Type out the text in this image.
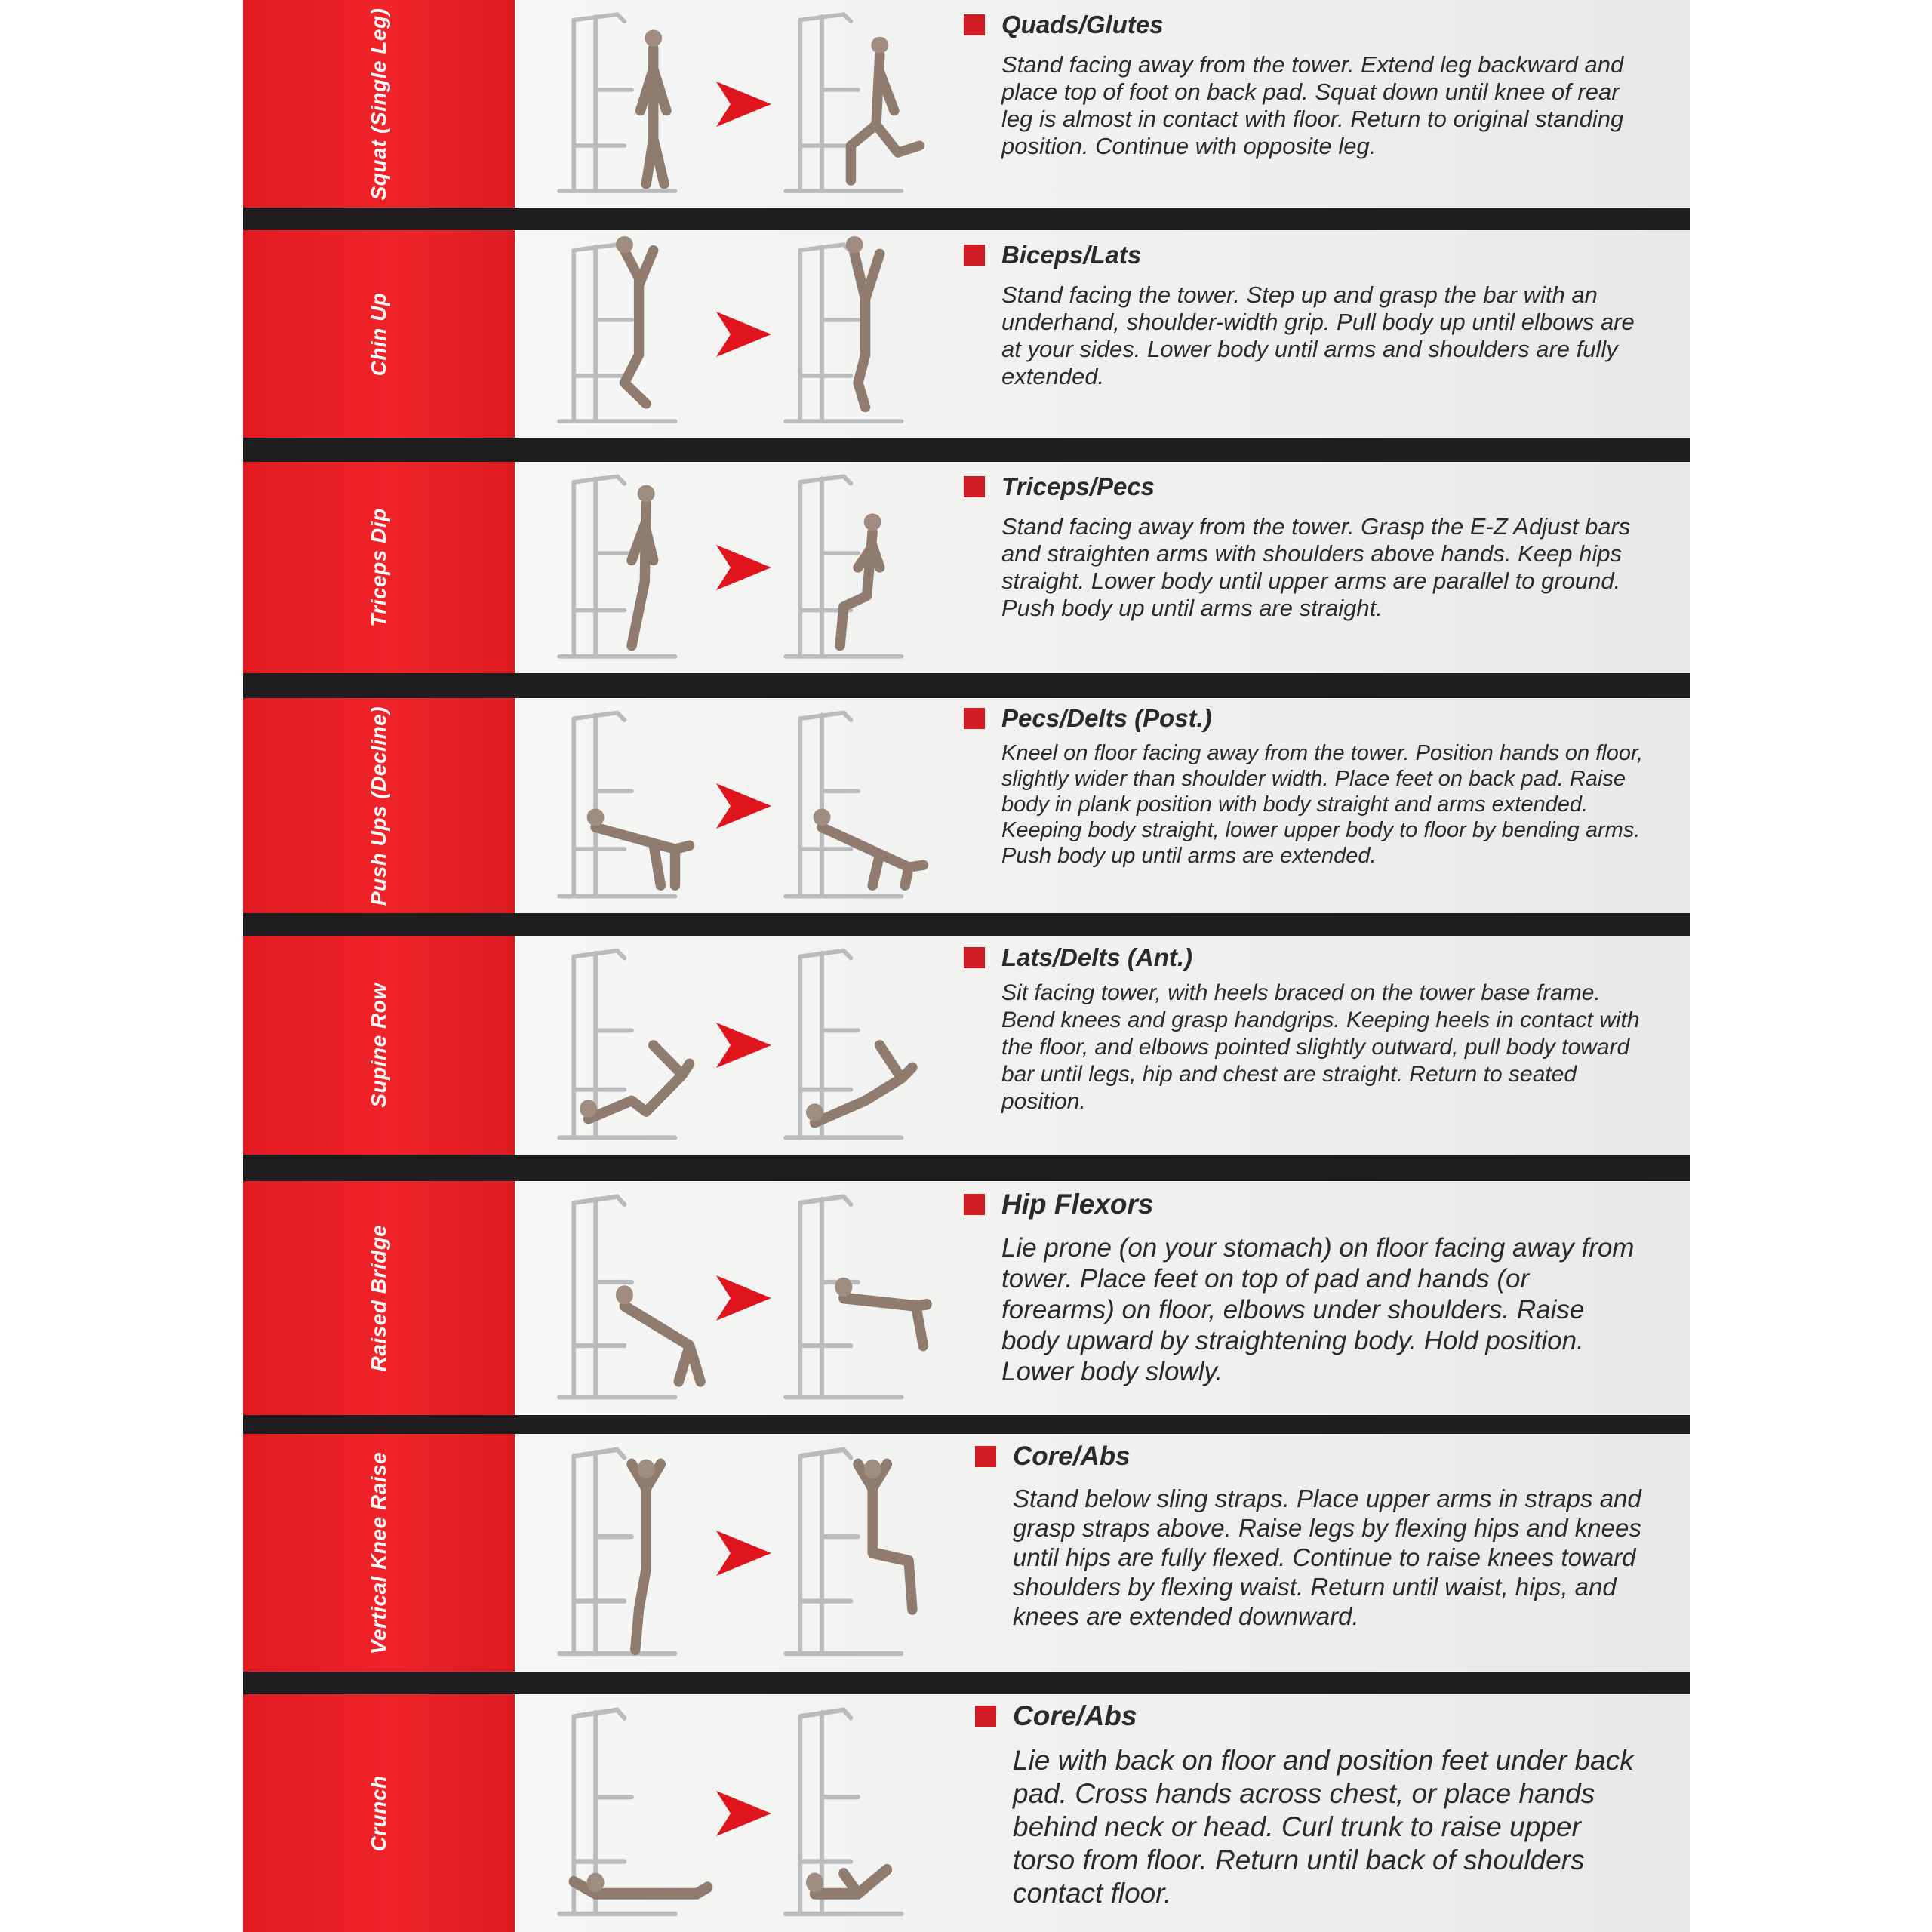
Squat (Single Leg)	Quads/Glutes
Stand facing away from the tower. Extend leg backward and place top of foot on back pad. Squat down until knee of rear leg is almost in contact with floor. Return to original standing position. Continue with opposite leg.
Chin Up
Biceps/Lats
Stand facing the tower. Step up and grasp the bar with an underhand, shoulder-width grip. Pull body up until elbows are at your sides. Lower body until arms and shoulders are fully extended.
Triceps Dip
Triceps/Pecs
Stand facing away from the tower. Grasp the E-Z Adjust bars and straighten arms with shoulders above hands. Keep hips straight. Lower body until upper arms are parallel to ground. Push body up until arms are straight.
Push Ups (Decline)	Pecs/Delts (Post.)
Kneel on floor facing away from the tower. Position hands on floor, slightly wider than shoulder width. Place feet on back pad. Raise body in plank position with body straight and arms extended. Keeping body straight, lower upper body to floor by bending arms. Push body up until arms are extended.
Supine Row
Lats/Delts (Ant.)
Sit facing tower, with heels braced on the tower base frame. Bend knees and grasp handgrips. Keeping heels in contact with the floor, and elbows pointed slightly outward, pull body toward bar until legs, hip and chest are straight. Return to seated position.
Raised Bridge
Hip Flexors
Lie prone (on your stomach) on floor facing away from tower. Place feet on top of pad and hands (or forearms) on floor, elbows under shoulders. Raise body upward by straightening body. Hold position. Lower body slowly.
Vertical Knee Raise	Core/Abs
Stand below sling straps. Place upper arms in straps and grasp straps above. Raise legs by flexing hips and knees until hips are fully flexed. Continue to raise knees toward shoulders by flexing waist. Return until waist, hips, and knees are extended downward.
Crunch
Core/Abs
Lie with back on floor and position feet under back pad. Cross hands across chest, or place hands behind neck or head. Curl trunk to raise upper torso from floor. Return until back of shoulders contact floor.
